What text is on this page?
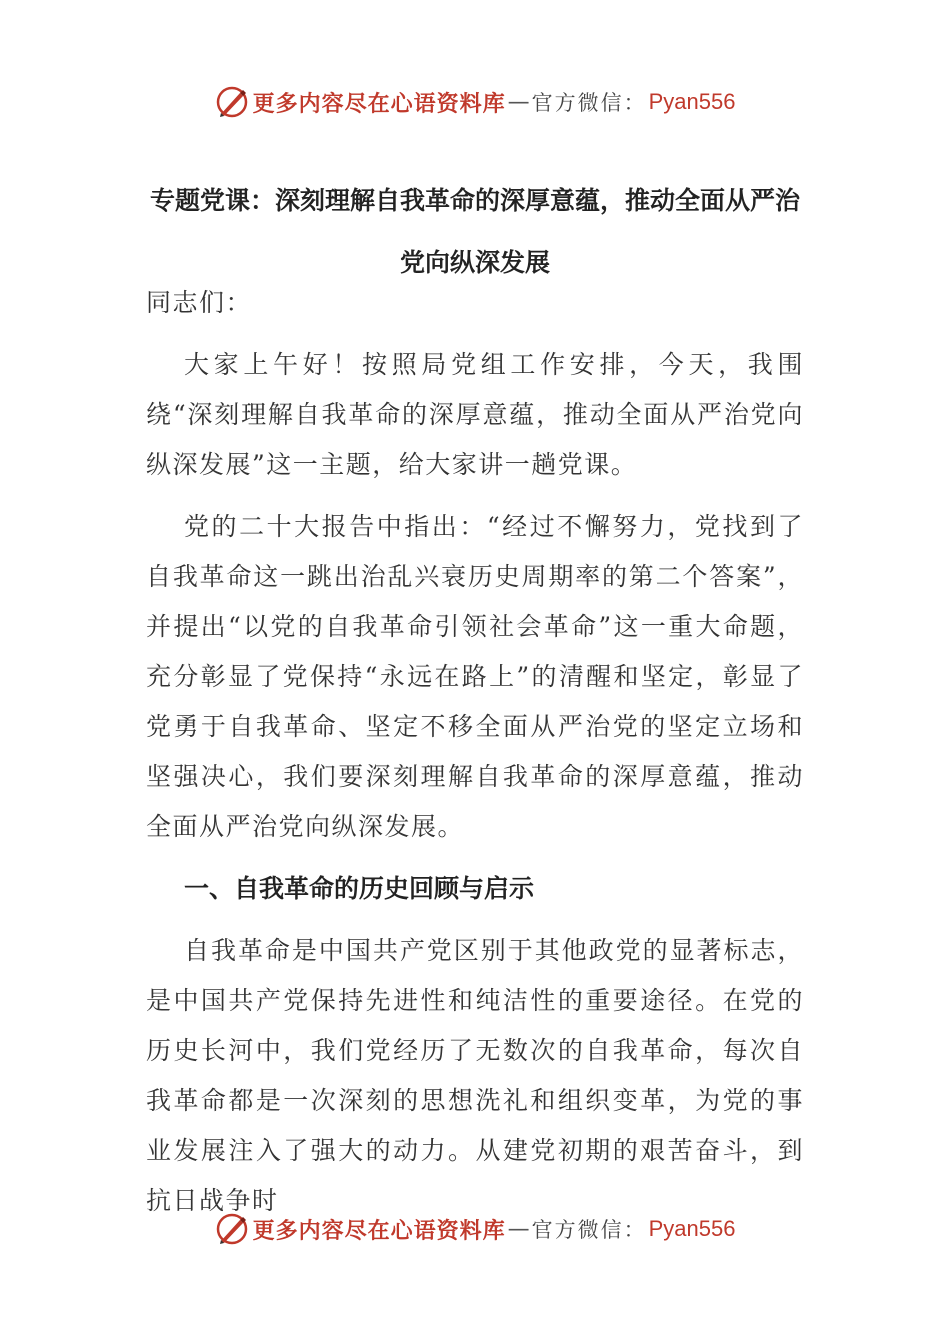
更多内容尽在心语资料库 — 官方微信： Pyan556
专题党课：深刻理解自我革命的深厚意蕴，推动全面从严治党向纵深发展

同志们：

大家上午好！按照局党组工作安排，今天，我围绕“深刻理解自我革命的深厚意蕴，推动全面从严治党向纵深发展”这一主题，给大家讲一趟党课。

党的二十大报告中指出：“经过不懈努力，党找到了自我革命这一跳出治乱兴衰历史周期率的第二个答案”，并提出“以党的自我革命引领社会革命”这一重大命题，充分彰显了党保持“永远在路上”的清醒和坚定，彰显了党勇于自我革命、坚定不移全面从严治党的坚定立场和坚强决心，我们要深刻理解自我革命的深厚意蕴，推动全面从严治党向纵深发展。

一、自我革命的历史回顾与启示

自我革命是中国共产党区别于其他政党的显著标志，是中国共产党保持先进性和纯洁性的重要途径。在党的历史长河中，我们党经历了无数次的自我革命，每次自我革命都是一次深刻的思想洗礼和组织变革，为党的事业发展注入了强大的动力。从建党初期的艰苦奋斗，到抗日战争时

更多内容尽在心语资料库 — 官方微信： Pyan556
